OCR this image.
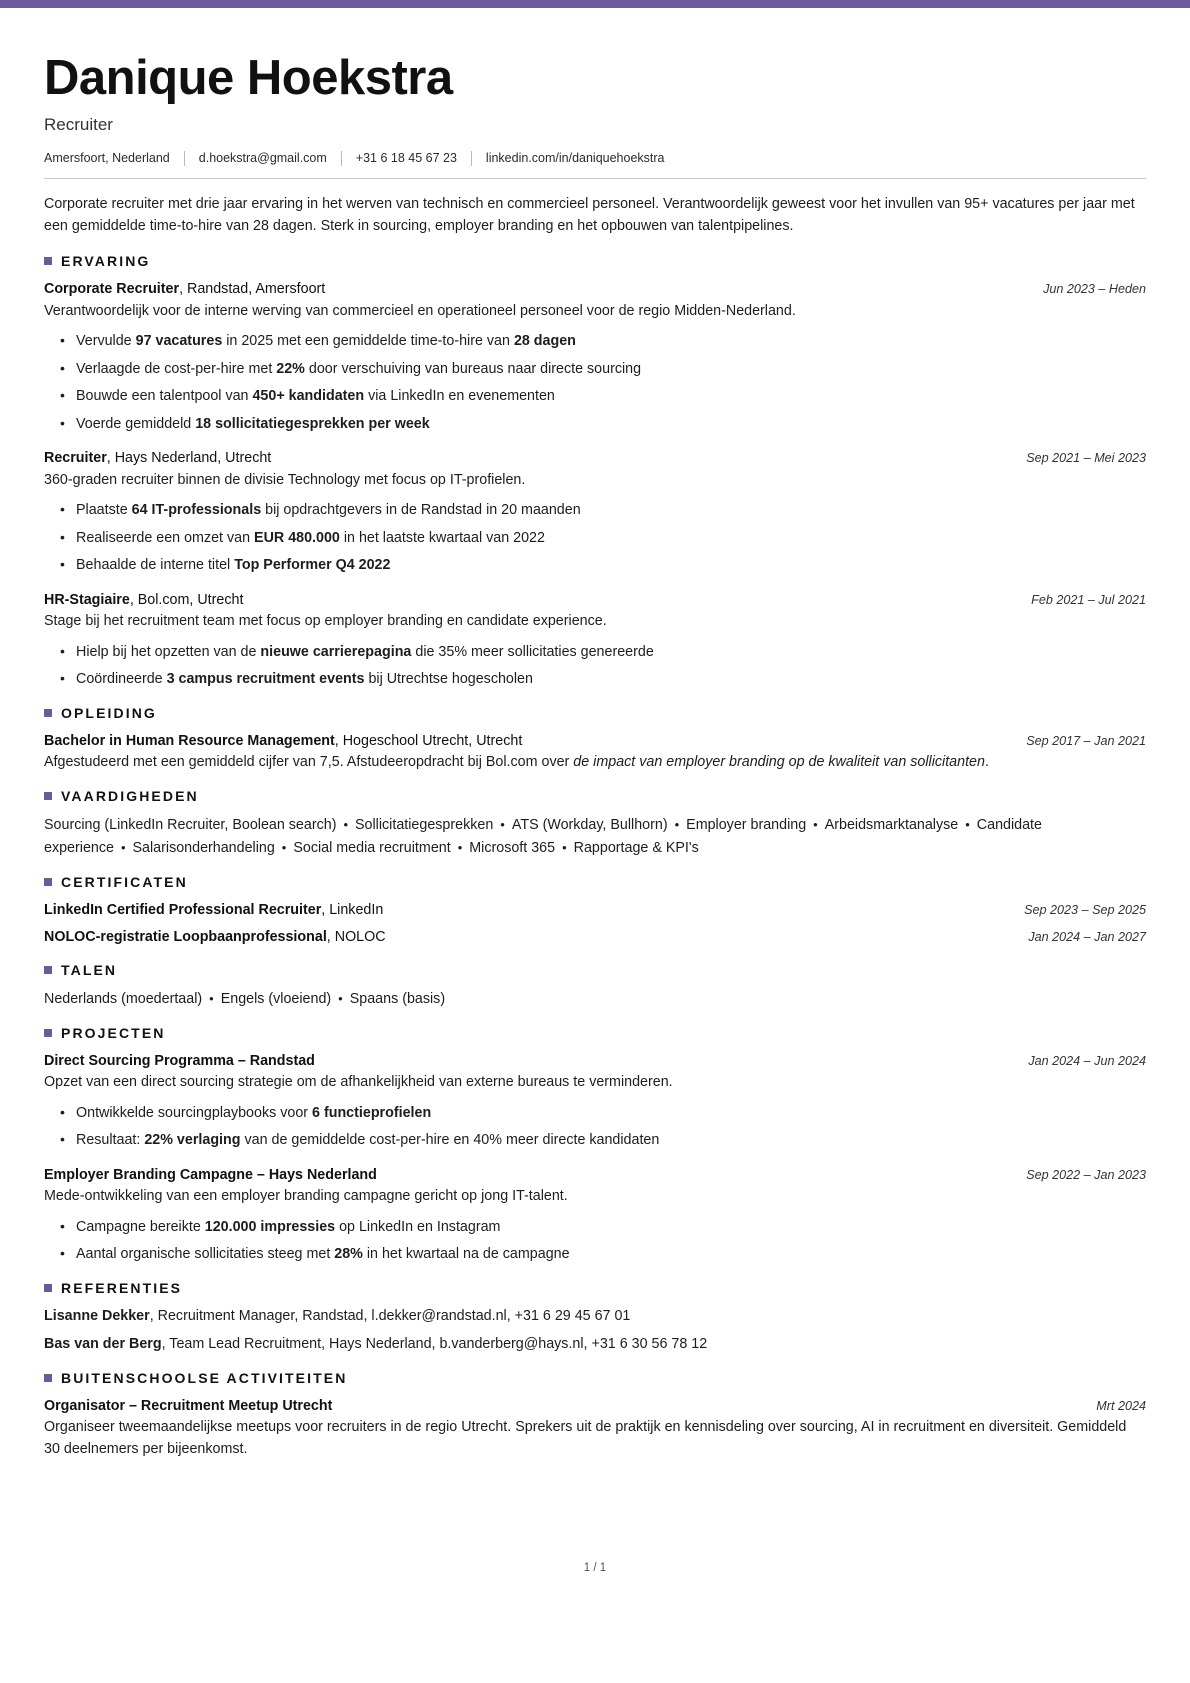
Danique Hoekstra
Recruiter
Amersfoort, Nederland d.hoekstra@gmail.com +31 6 18 45 67 23 linkedin.com/in/daniquehoekstra
Corporate recruiter met drie jaar ervaring in het werven van technisch en commercieel personeel. Verantwoordelijk geweest voor het invullen van 95+ vacatures per jaar met een gemiddelde time-to-hire van 28 dagen. Sterk in sourcing, employer branding en het opbouwen van talentpipelines.
ERVARING
Corporate Recruiter, Randstad, Amersfoort	Jun 2023 – Heden
Verantwoordelijk voor de interne werving van commercieel en operationeel personeel voor de regio Midden-Nederland.
• Vervulde 97 vacatures in 2025 met een gemiddelde time-to-hire van 28 dagen
• Verlaagde de cost-per-hire met 22% door verschuiving van bureaus naar directe sourcing
• Bouwde een talentpool van 450+ kandidaten via LinkedIn en evenementen
• Voerde gemiddeld 18 sollicitatiegesprekken per week
Recruiter, Hays Nederland, Utrecht	Sep 2021 – Mei 2023
360-graden recruiter binnen de divisie Technology met focus op IT-profielen.
• Plaatste 64 IT-professionals bij opdrachtgevers in de Randstad in 20 maanden
• Realiseerde een omzet van EUR 480.000 in het laatste kwartaal van 2022
• Behaalde de interne titel Top Performer Q4 2022
HR-Stagiaire, Bol.com, Utrecht	Feb 2021 – Jul 2021
Stage bij het recruitment team met focus op employer branding en candidate experience.
• Hielp bij het opzetten van de nieuwe carrierepagina die 35% meer sollicitaties genereerde
• Coördineerde 3 campus recruitment events bij Utrechtse hogescholen
OPLEIDING
Bachelor in Human Resource Management, Hogeschool Utrecht, Utrecht	Sep 2017 – Jan 2021
Afgestudeerd met een gemiddeld cijfer van 7,5. Afstudeeropdracht bij Bol.com over de impact van employer branding op de kwaliteit van sollicitanten.
VAARDIGHEDEN
Sourcing (LinkedIn Recruiter, Boolean search) • Sollicitatiegesprekken • ATS (Workday, Bullhorn) • Employer branding • Arbeidsmarktanalyse • Candidate experience • Salarisonderhandeling • Social media recruitment • Microsoft 365 • Rapportage & KPI's
CERTIFICATEN
LinkedIn Certified Professional Recruiter, LinkedIn	Sep 2023 – Sep 2025
NOLOC-registratie Loopbaanprofessional, NOLOC	Jan 2024 – Jan 2027
TALEN
Nederlands (moedertaal) • Engels (vloeiend) • Spaans (basis)
PROJECTEN
Direct Sourcing Programma – Randstad	Jan 2024 – Jun 2024
Opzet van een direct sourcing strategie om de afhankelijkheid van externe bureaus te verminderen.
• Ontwikkelde sourcingplaybooks voor 6 functieprofielen
• Resultaat: 22% verlaging van de gemiddelde cost-per-hire en 40% meer directe kandidaten
Employer Branding Campagne – Hays Nederland	Sep 2022 – Jan 2023
Mede-ontwikkeling van een employer branding campagne gericht op jong IT-talent.
• Campagne bereikte 120.000 impressies op LinkedIn en Instagram
• Aantal organische sollicitaties steeg met 28% in het kwartaal na de campagne
REFERENTIES
Lisanne Dekker, Recruitment Manager, Randstad, l.dekker@randstad.nl, +31 6 29 45 67 01
Bas van der Berg, Team Lead Recruitment, Hays Nederland, b.vanderberg@hays.nl, +31 6 30 56 78 12
BUITENSCHOOLSE ACTIVITEITEN
Organisator – Recruitment Meetup Utrecht	Mrt 2024
Organiseer tweemaandelijkse meetups voor recruiters in de regio Utrecht. Sprekers uit de praktijk en kennisdeling over sourcing, AI in recruitment en diversiteit. Gemiddeld 30 deelnemers per bijeenkomst.
1 / 1
